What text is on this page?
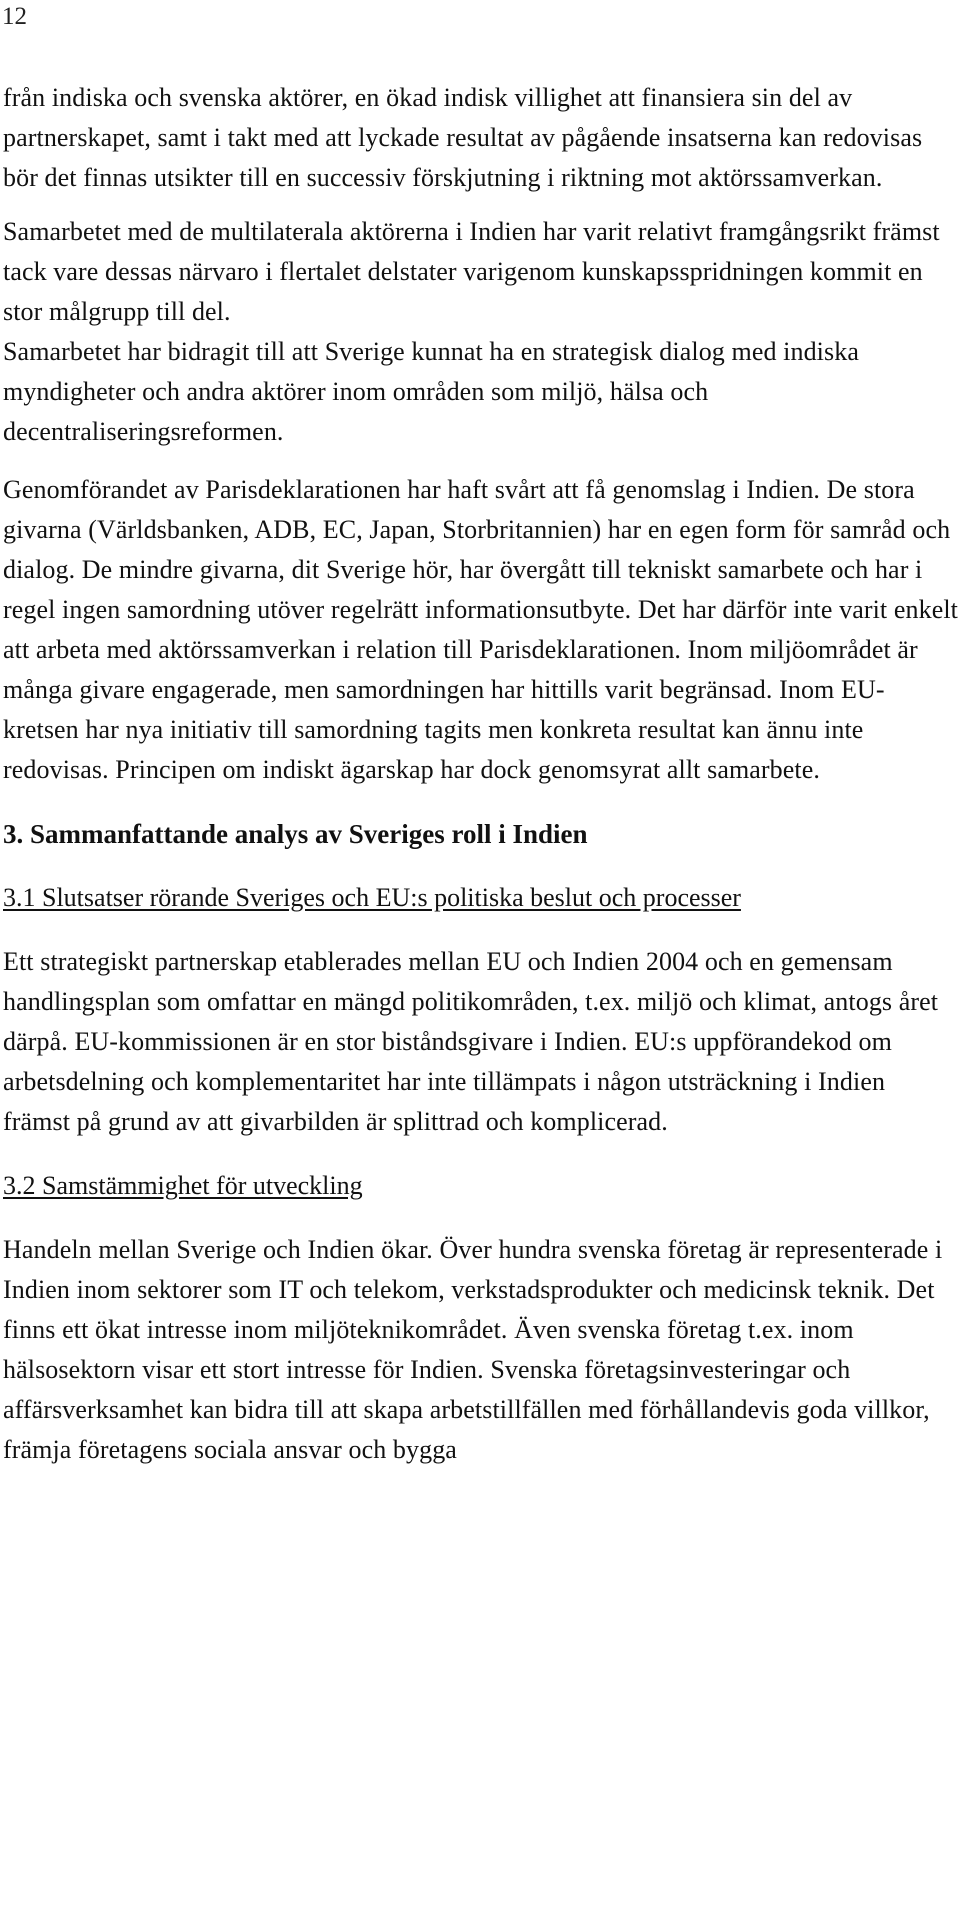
12

från indiska och svenska aktörer, en ökad indisk villighet att finansiera sin del av partnerskapet, samt i takt med att lyckade resultat av pågående insatserna kan redovisas bör det finnas utsikter till en successiv förskjutning i riktning mot aktörssamverkan.

Samarbetet med de multilaterala aktörerna i Indien har varit relativt framgångsrikt främst tack vare dessas närvaro i flertalet delstater varigenom kunskapsspridningen kommit en stor målgrupp till del.

Samarbetet har bidragit till att Sverige kunnat ha en strategisk dialog med indiska myndigheter och andra aktörer inom områden som miljö, hälsa och decentraliseringsreformen.

Genomförandet av Parisdeklarationen har haft svårt att få genomslag i Indien. De stora givarna (Världsbanken, ADB, EC, Japan, Storbritannien) har en egen form för samråd och dialog. De mindre givarna, dit Sverige hör, har övergått till tekniskt samarbete och har i regel ingen samordning utöver regelrätt informationsutbyte. Det har därför inte varit enkelt att arbeta med aktörssamverkan i relation till Parisdeklarationen. Inom miljöområdet är många givare engagerade, men samordningen har hittills varit begränsad. Inom EU-kretsen har nya initiativ till samordning tagits men konkreta resultat kan ännu inte redovisas. Principen om indiskt ägarskap har dock genomsyrat allt samarbete.

3. Sammanfattande analys av Sveriges roll i Indien
3.1 Slutsatser rörande Sveriges och EU:s politiska beslut och processer

Ett strategiskt partnerskap etablerades mellan EU och Indien 2004 och en gemensam handlingsplan som omfattar en mängd politikområden, t.ex. miljö och klimat, antogs året därpå. EU-kommissionen är en stor biståndsgivare i Indien. EU:s uppförandekod om arbetsdelning och komplementaritet har inte tillämpats i någon utsträckning i Indien främst på grund av att givarbilden är splittrad och komplicerad.

3.2 Samstämmighet för utveckling

Handeln mellan Sverige och Indien ökar. Över hundra svenska företag är representerade i Indien inom sektorer som IT och telekom, verkstadsprodukter och medicinsk teknik. Det finns ett ökat intresse inom miljöteknikområdet. Även svenska företag t.ex. inom hälsosektorn visar ett stort intresse för Indien. Svenska företagsinvesteringar och affärsverksamhet kan bidra till att skapa arbetstillfällen med förhållandevis goda villkor, främja företagens sociala ansvar och bygga
